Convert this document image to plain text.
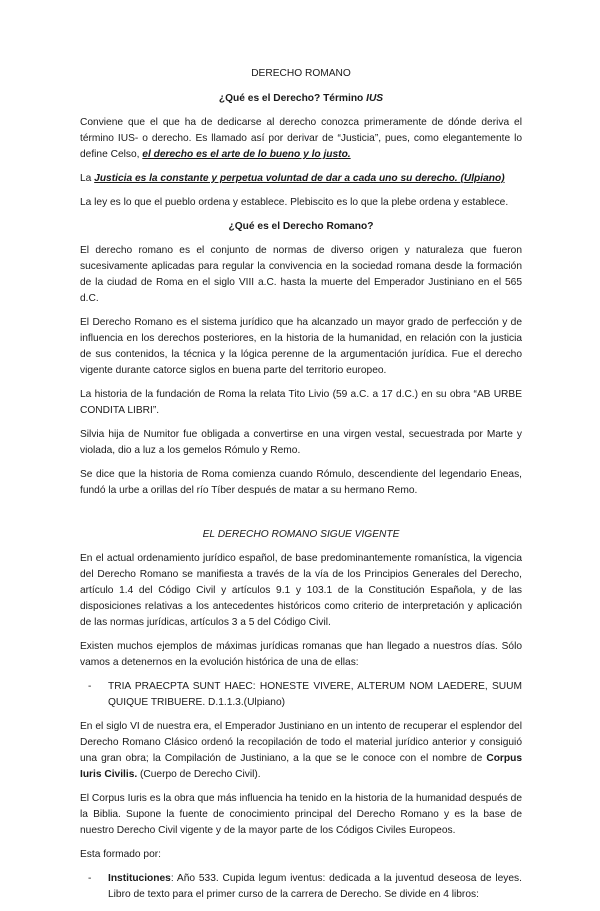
DERECHO ROMANO

¿Qué es el Derecho? Término IUS

Conviene que el que ha de dedicarse al derecho conozca primeramente de dónde deriva el término IUS- o derecho. Es llamado así por derivar de “Justicia”, pues, como elegantemente lo define Celso, el derecho es el arte de lo bueno y lo justo.

La Justicia es la constante y perpetua voluntad de dar a cada uno su derecho. (Ulpiano)

La ley es lo que el pueblo ordena y establece. Plebiscito es lo que la plebe ordena y establece.

¿Qué es el Derecho Romano?

El derecho romano es el conjunto de normas de diverso origen y naturaleza que fueron sucesivamente aplicadas para regular la convivencia en la sociedad romana desde la formación de la ciudad de Roma en el siglo VIII a.C. hasta la muerte del Emperador Justiniano en el 565 d.C.

El Derecho Romano es el sistema jurídico que ha alcanzado un mayor grado de perfección y de influencia en los derechos posteriores, en la historia de la humanidad, en relación con la justicia de sus contenidos, la técnica y la lógica perenne de la argumentación jurídica. Fue el derecho vigente durante catorce siglos en buena parte del territorio europeo.

La historia de la fundación de Roma la relata Tito Livio (59 a.C. a 17 d.C.) en su obra “AB URBE CONDITA LIBRI”.

Silvia hija de Numitor fue obligada a convertirse en una virgen vestal, secuestrada por Marte y violada, dio a luz a los gemelos Rómulo y Remo.

Se dice que la historia de Roma comienza cuando Rómulo, descendiente del legendario Eneas, fundó la urbe a orillas del río Tíber después de matar a su hermano Remo.

EL DERECHO ROMANO SIGUE VIGENTE

En el actual ordenamiento jurídico español, de base predominantemente romanística, la vigencia del Derecho Romano se manifiesta a través de la vía de los Principios Generales del Derecho, artículo 1.4 del Código Civil y artículos 9.1 y 103.1 de la Constitución Española, y de las disposiciones relativas a los antecedentes históricos como criterio de interpretación y aplicación de las normas jurídicas, artículos 3 a 5 del Código Civil.

Existen muchos ejemplos de máximas jurídicas romanas que han llegado a nuestros días. Sólo vamos a detenernos en la evolución histórica de una de ellas:

- TRIA PRAECPTA SUNT HAEC: HONESTE VIVERE, ALTERUM NOM LAEDERE, SUUM QUIQUE TRIBUERE. D.1.1.3.(Ulpiano)

En el siglo VI de nuestra era, el Emperador Justiniano en un intento de recuperar el esplendor del Derecho Romano Clásico ordenó la recopilación de todo el material jurídico anterior y consiguió una gran obra; la Compilación de Justiniano, a la que se le conoce con el nombre de Corpus Iuris Civilis. (Cuerpo de Derecho Civil).

El Corpus Iuris es la obra que más influencia ha tenido en la historia de la humanidad después de la Biblia. Supone la fuente de conocimiento principal del Derecho Romano y es la base de nuestro Derecho Civil vigente y de la mayor parte de los Códigos Civiles Europeos.

Esta formado por:

- Instituciones: Año 533. Cupida legum iventus: dedicada a la juventud deseosa de leyes. Libro de texto para el primer curso de la carrera de Derecho. Se divide en 4 libros:
